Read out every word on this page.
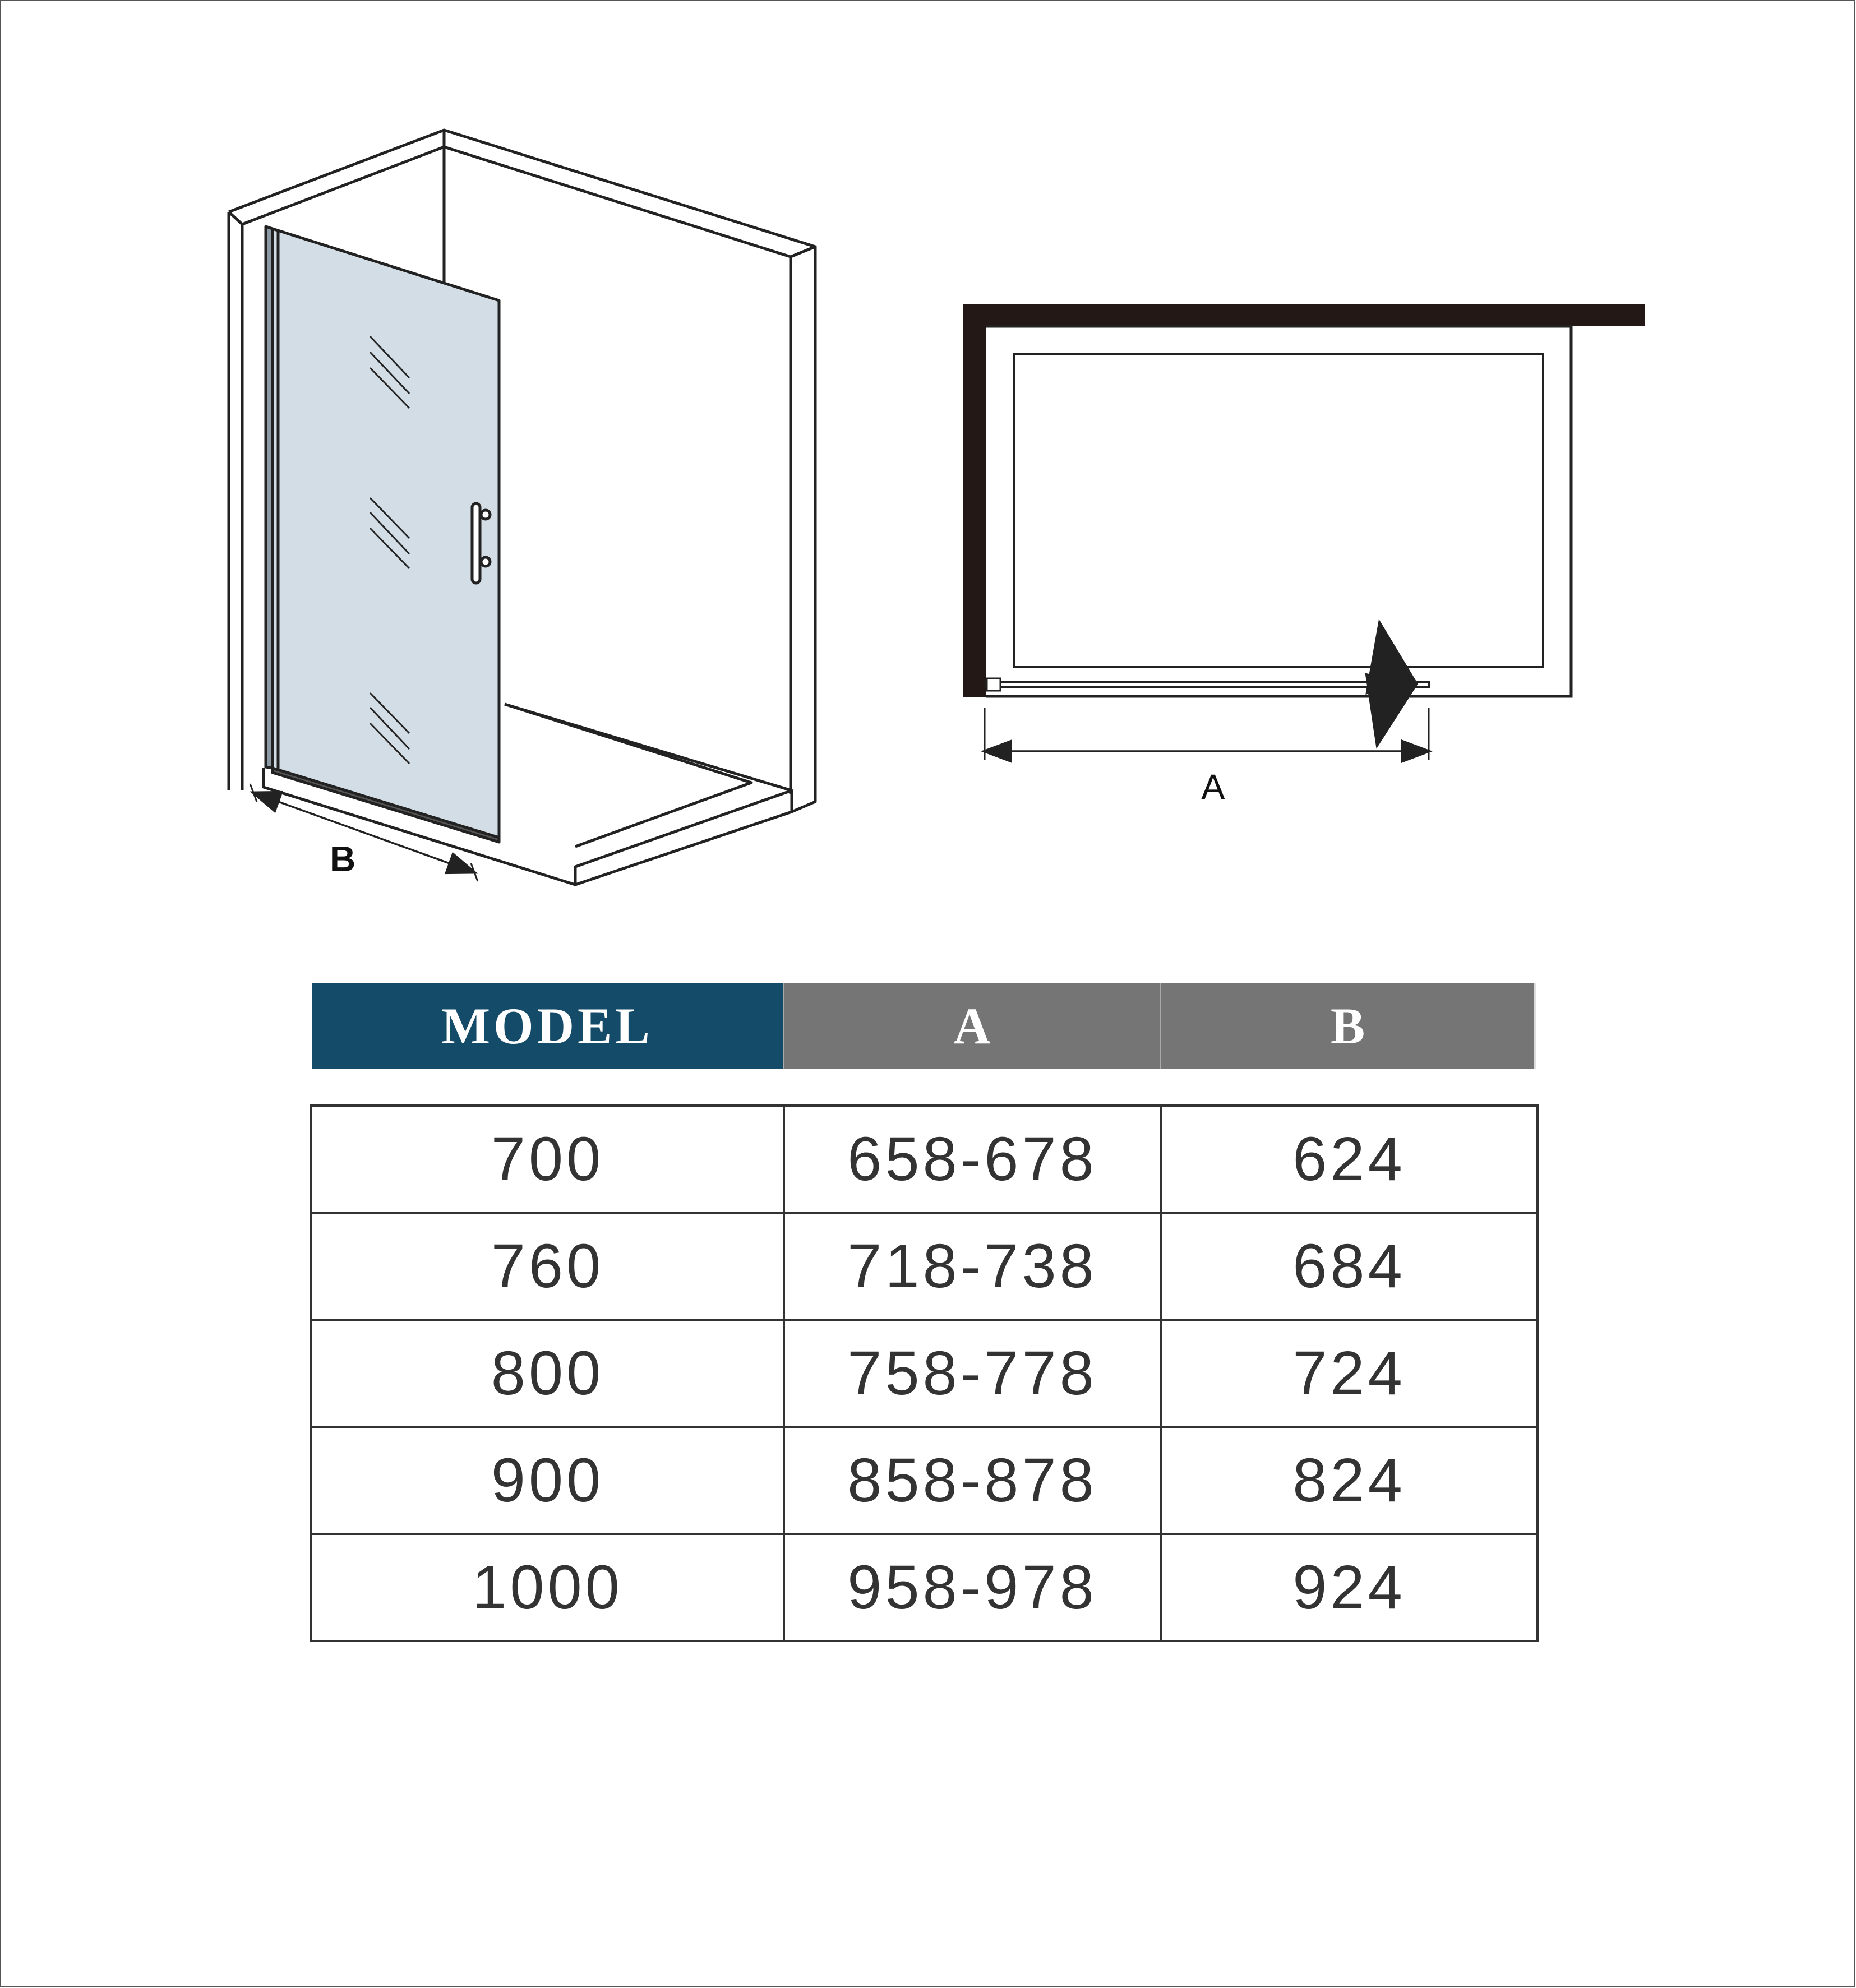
B
A
MODEL	A	B
700	658-678	624
760	718-738	684
800	758-778	724
900	858-878	824
1000	958-978	924
